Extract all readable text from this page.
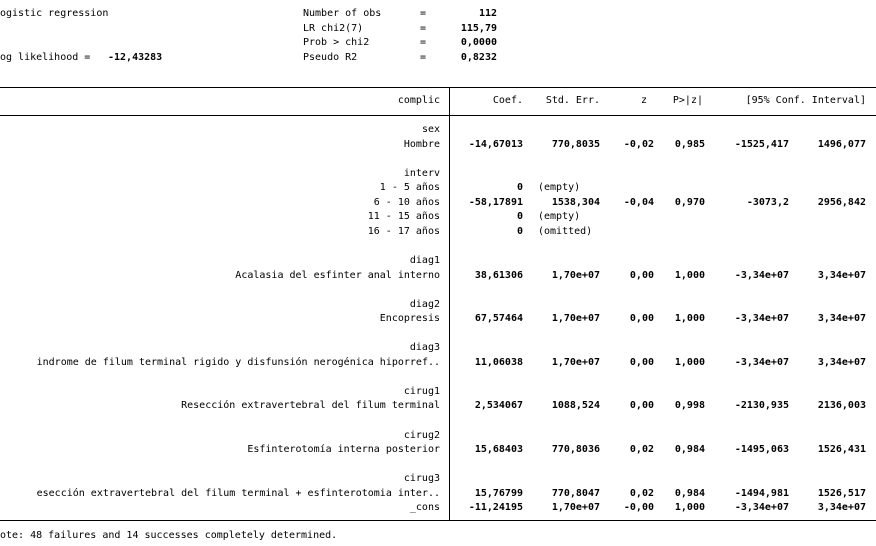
ogistic regression
og likelihood = -12,43283
Number of obs	=	112
LR chi2(7)	=	115,79
Prob > chi2	=	0,0000
Pseudo R2	=	0,8232
complic	Coef. Std. Err.	z	P>|z|	[95% Conf. Interval]
sex
Hombre	-14,67013	770,8035 -0,02 0,985	-1525,417	1496,077
interv
1 - 5 años	0 (empty)
6 - 10 años	-58,17891	1538,304 -0,04 0,970	-3073,2	2956,842
11 - 15 años	0 (empty)
16 - 17 años	0 (omitted)
diag1
Acalasia del esfinter anal interno	38,61306	1,70e+07	0,00 1,000	-3,34e+07	3,34e+07
diag2
Encopresis	67,57464	1,70e+07	0,00 1,000	-3,34e+07	3,34e+07
diag3
indrome de filum terminal rigido y disfunsión nerogénica hiporref..	11,06038	1,70e+07	0,00 1,000	-3,34e+07	3,34e+07
cirug1
Resección extravertebral del filum terminal	2,534067	1088,524	0,00 0,998	-2130,935	2136,003
cirug2
Esfinterotomía interna posterior	15,68403	770,8036	0,02 0,984	-1495,063	1526,431
cirug3
esección extravertebral del filum terminal + esfinterotomia inter..	15,76799	770,8047	0,02 0,984	-1494,981	1526,517
_cons	-11,24195	1,70e+07 -0,00 1,000	-3,34e+07	3,34e+07
ote: 48 failures and 14 successes completely determined.
